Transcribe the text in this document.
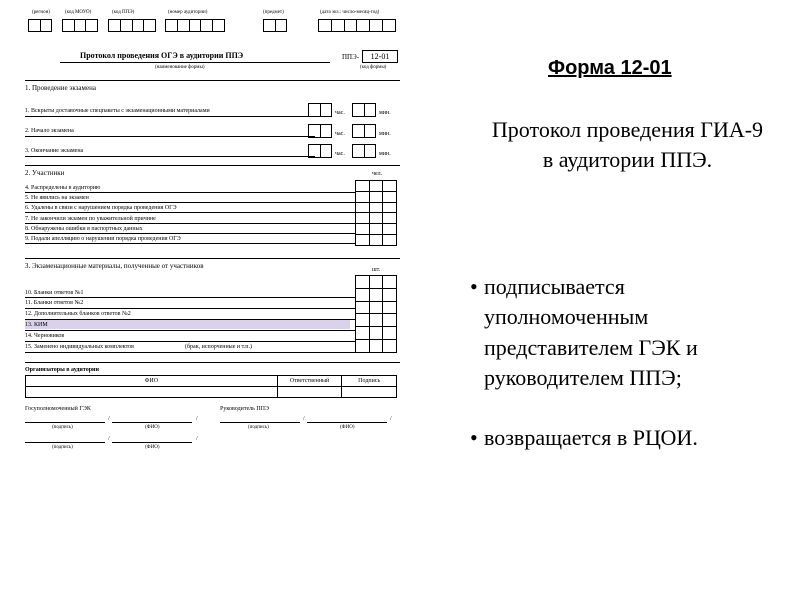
(регион)	(код МОУО)	(код ППЭ)	(номер аудитории)	(предмет)	(дата экз.: число-месяц-год)
Протокол проведения ОГЭ в аудитории ППЭ
(наименование формы)
ППЭ-	12-01
(код формы)
1. Проведение экзамена
1. Вскрыты доставочные спецпакеты с экзаменационными материалами	час.	мин.
2. Начало экзамена	час.	мин.
3. Окончание экзамена	час.	мин.
2. Участники	чел.
4. Распределены в аудиторию
5. Не явились на экзамен
6. Удалены в связи с нарушением порядка проведения ОГЭ
7. Не закончили экзамен по уважительной причине
8. Обнаружены ошибки в паспортных данных
9. Подали апелляцию о нарушении порядка проведения ОГЭ
3. Экзаменационные материалы, полученные от участников	шт.
10. Бланки ответов №1
11. Бланки ответов №2
12. Дополнительных бланков ответов №2
13. КИМ
14. Черновиков
15. Заменено индивидуальных комплектов	(брак, испорченные и т.п.)
Организаторы в аудитории
ФИО	Ответственный	Подпись

Госуполномоченный ГЭК	Руководитель ППЭ
/	/	/	/
(подпись)	(ФИО)	(подпись)	(ФИО)
/	/
(подпись)	(ФИО)
Форма 12-01
Протокол проведения ГИА-9 в аудитории ППЭ.
• подписывается уполномоченным представителем ГЭК и руководителем ППЭ;
• возвращается в РЦОИ.
